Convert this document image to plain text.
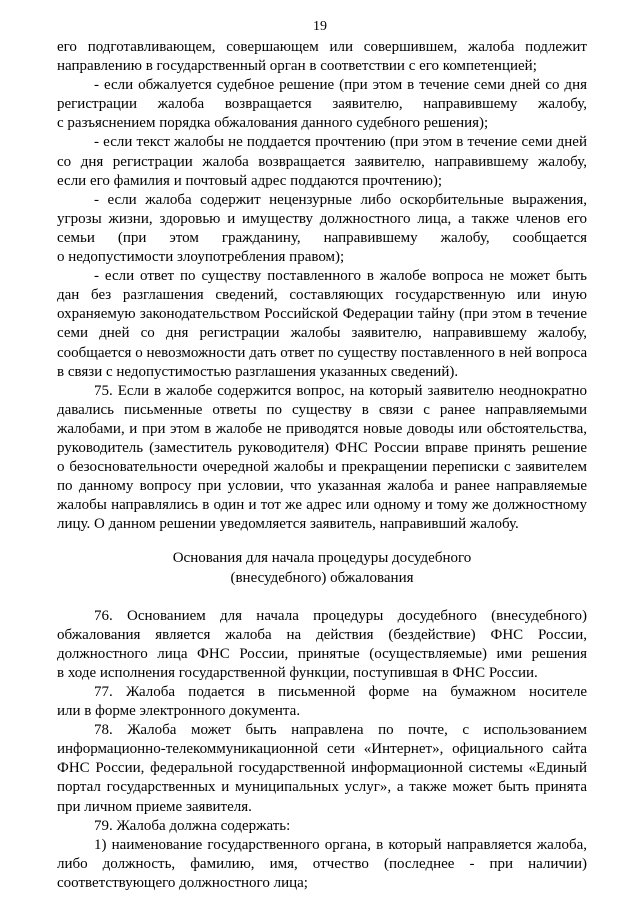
19
его подготавливающем, совершающем или совершившем, жалоба подлежит
направлению в государственный орган в соответствии с его компетенцией;
- если обжалуется судебное решение (при этом в течение семи дней со дня
регистрации жалоба возвращается заявителю, направившему жалобу,
с разъяснением порядка обжалования данного судебного решения);
- если текст жалобы не поддается прочтению (при этом в течение семи дней
со дня регистрации жалоба возвращается заявителю, направившему жалобу,
если его фамилия и почтовый адрес поддаются прочтению);
- если жалоба содержит нецензурные либо оскорбительные выражения,
угрозы жизни, здоровью и имуществу должностного лица, а также членов его
семьи (при этом гражданину, направившему жалобу, сообщается
о недопустимости злоупотребления правом);
- если ответ по существу поставленного в жалобе вопроса не может быть
дан без разглашения сведений, составляющих государственную или иную
охраняемую законодательством Российской Федерации тайну (при этом в течение
семи дней со дня регистрации жалобы заявителю, направившему жалобу,
сообщается о невозможности дать ответ по существу поставленного в ней вопроса
в связи с недопустимостью разглашения указанных сведений).
75. Если в жалобе содержится вопрос, на который заявителю неоднократно
давались письменные ответы по существу в связи с ранее направляемыми
жалобами, и при этом в жалобе не приводятся новые доводы или обстоятельства,
руководитель (заместитель руководителя) ФНС России вправе принять решение
о безосновательности очередной жалобы и прекращении переписки с заявителем
по данному вопросу при условии, что указанная жалоба и ранее направляемые
жалобы направлялись в один и тот же адрес или одному и тому же должностному
лицу. О данном решении уведомляется заявитель, направивший жалобу.
Основания для начала процедуры досудебного
(внесудебного) обжалования
76. Основанием для начала процедуры досудебного (внесудебного)
обжалования является жалоба на действия (бездействие) ФНС России,
должностного лица ФНС России, принятые (осуществляемые) ими решения
в ходе исполнения государственной функции, поступившая в ФНС России.
77. Жалоба подается в письменной форме на бумажном носителе
или в форме электронного документа.
78. Жалоба может быть направлена по почте, с использованием
информационно-телекоммуникационной сети «Интернет», официального сайта
ФНС России, федеральной государственной информационной системы «Единый
портал государственных и муниципальных услуг», а также может быть принята
при личном приеме заявителя.
79. Жалоба должна содержать:
1) наименование государственного органа, в который направляется жалоба,
либо должность, фамилию, имя, отчество (последнее - при наличии)
соответствующего должностного лица;
